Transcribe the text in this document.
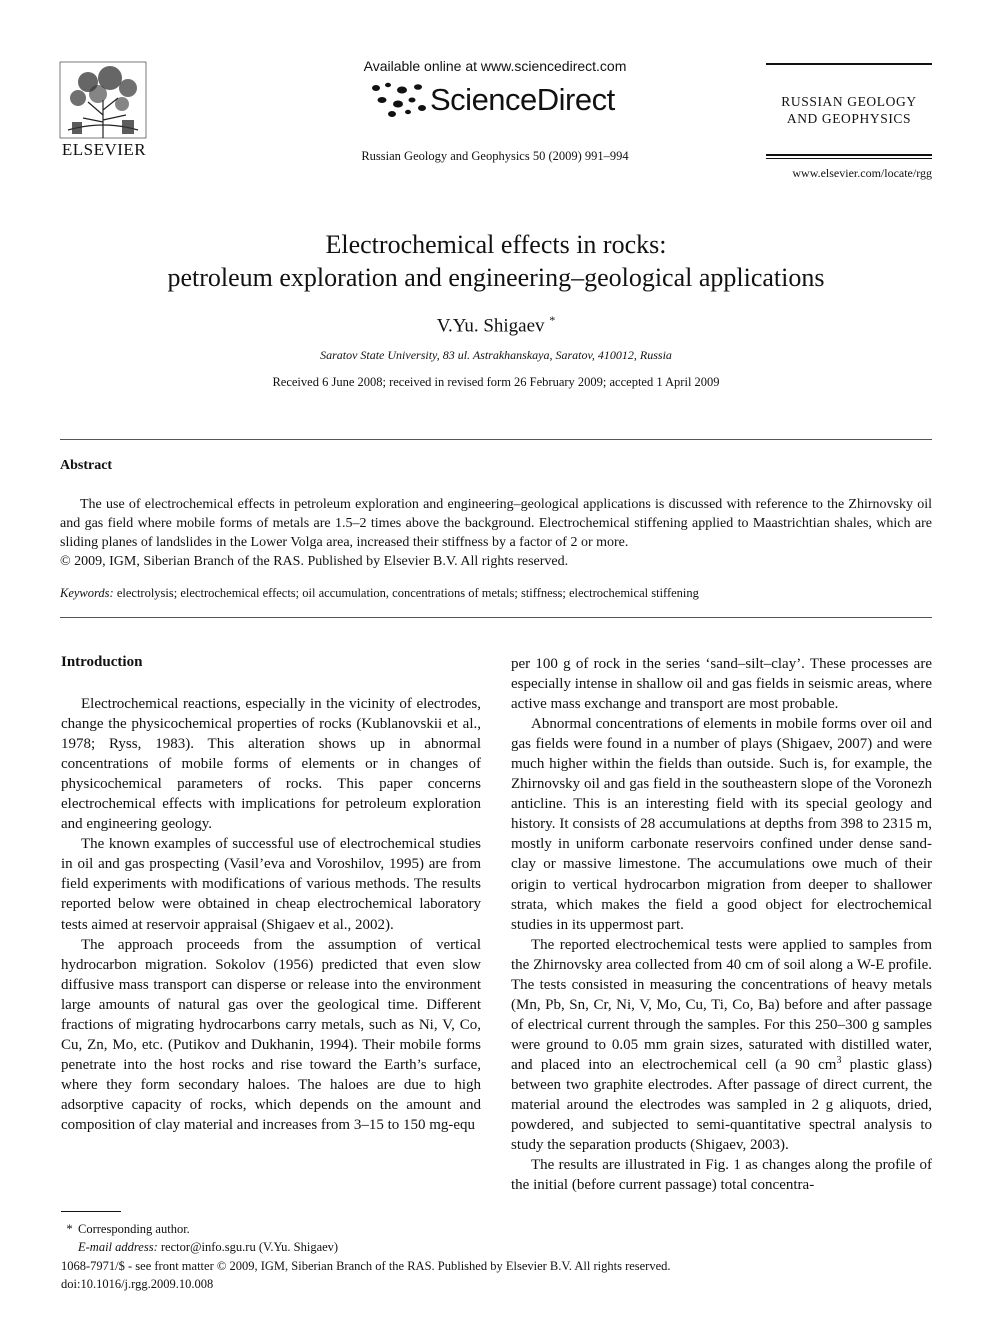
ELSEVIER
Available online at www.sciencedirect.com
ScienceDirect
Russian Geology and Geophysics 50 (2009) 991–994
RUSSIAN GEOLOGY
AND GEOPHYSICS
www.elsevier.com/locate/rgg
Electrochemical effects in rocks:
petroleum exploration and engineering–geological applications
V.Yu. Shigaev *
Saratov State University, 83 ul. Astrakhanskaya, Saratov, 410012, Russia
Received 6 June 2008; received in revised form 26 February 2009; accepted 1 April 2009
Abstract

The use of electrochemical effects in petroleum exploration and engineering–geological applications is discussed with reference to the Zhirnovsky oil and gas field where mobile forms of metals are 1.5–2 times above the background. Electrochemical stiffening applied to Maastrichtian shales, which are sliding planes of landslides in the Lower Volga area, increased their stiffness by a factor of 2 or more.

© 2009, IGM, Siberian Branch of the RAS. Published by Elsevier B.V. All rights reserved.

Keywords: electrolysis; electrochemical effects; oil accumulation, concentrations of metals; stiffness; electrochemical stiffening
Introduction

Electrochemical reactions, especially in the vicinity of electrodes, change the physicochemical properties of rocks (Kublanovskii et al., 1978; Ryss, 1983). This alteration shows up in abnormal concentrations of mobile forms of elements or in changes of physicochemical parameters of rocks. This paper concerns electrochemical effects with implications for petroleum exploration and engineering geology.

The known examples of successful use of electrochemical studies in oil and gas prospecting (Vasil’eva and Voroshilov, 1995) are from field experiments with modifications of various methods. The results reported below were obtained in cheap electrochemical laboratory tests aimed at reservoir appraisal (Shigaev et al., 2002).

The approach proceeds from the assumption of vertical hydrocarbon migration. Sokolov (1956) predicted that even slow diffusive mass transport can disperse or release into the environment large amounts of natural gas over the geological time. Different fractions of migrating hydrocarbons carry metals, such as Ni, V, Co, Cu, Zn, Mo, etc. (Putikov and Dukhanin, 1994). Their mobile forms penetrate into the host rocks and rise toward the Earth’s surface, where they form secondary haloes. The haloes are due to high adsorptive capacity of rocks, which depends on the amount and composition of clay material and increases from 3–15 to 150 mg-equ

per 100 g of rock in the series ‘sand–silt–clay’. These processes are especially intense in shallow oil and gas fields in seismic areas, where active mass exchange and transport are most probable.

Abnormal concentrations of elements in mobile forms over oil and gas fields were found in a number of plays (Shigaev, 2007) and were much higher within the fields than outside. Such is, for example, the Zhirnovsky oil and gas field in the southeastern slope of the Voronezh anticline. This is an interesting field with its special geology and history. It consists of 28 accumulations at depths from 398 to 2315 m, mostly in uniform carbonate reservoirs confined under dense sand-clay or massive limestone. The accumulations owe much of their origin to vertical hydrocarbon migration from deeper to shallower strata, which makes the field a good object for electrochemical studies in its uppermost part.

The reported electrochemical tests were applied to samples from the Zhirnovsky area collected from 40 cm of soil along a W-E profile. The tests consisted in measuring the concentrations of heavy metals (Mn, Pb, Sn, Cr, Ni, V, Mo, Cu, Ti, Co, Ba) before and after passage of electrical current through the samples. For this 250–300 g samples were ground to 0.05 mm grain sizes, saturated with distilled water, and placed into an electrochemical cell (a 90 $cm^3$ plastic glass) between two graphite electrodes. After passage of direct current, the material around the electrodes was sampled in 2 g aliquots, dried, powdered, and subjected to semi-quantitative spectral analysis to study the separation products (Shigaev, 2003).

The results are illustrated in Fig. 1 as changes along the profile of the initial (before current passage) total concentra-

* Corresponding author.
E-mail address: rector@info.sgu.ru (V.Yu. Shigaev)
1068-7971/$ - see front matter © 2009, IGM, Siberian Branch of the RAS. Published by Elsevier B.V. All rights reserved.
doi:10.1016/j.rgg.2009.10.008
